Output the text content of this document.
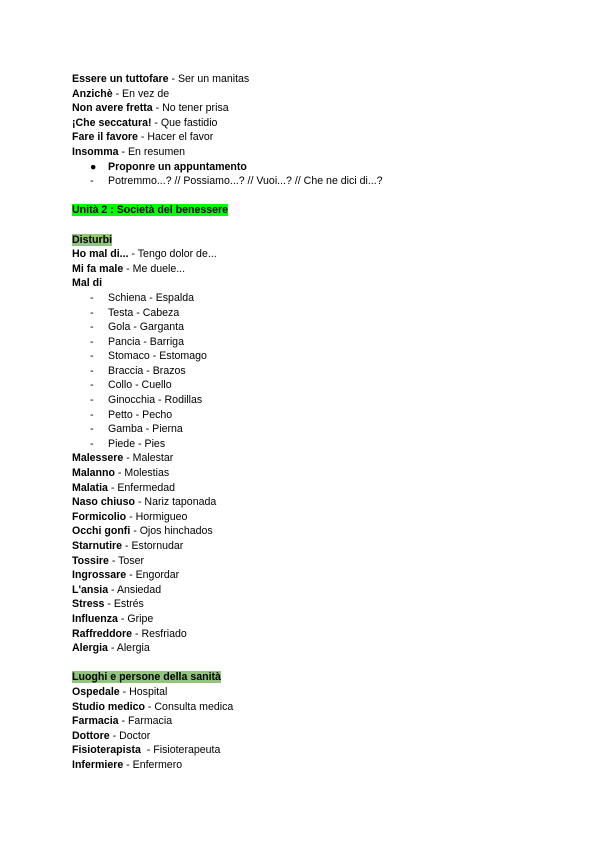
Essere un tuttofare - Ser un manitas
Anzichè - En vez de
Non avere fretta - No tener prisa
¡Che seccatura! - Que fastidio
Fare il favore - Hacer el favor
Insomma - En resumen
● Proponre un appuntamento
- Potremmo...? // Possiamo...? // Vuoi...? // Che ne dici di...?
Unità 2 : Società del benessere
Disturbi
Ho mal di... - Tengo dolor de...
Mi fa male - Me duele...
Mal di
- Schiena - Espalda
- Testa - Cabeza
- Gola - Garganta
- Pancia - Barriga
- Stomaco - Estomago
- Braccia - Brazos
- Collo - Cuello
- Ginocchia - Rodillas
- Petto - Pecho
- Gamba - Pierna
- Piede - Pies
Malessere - Malestar
Malanno - Molestias
Malatia - Enfermedad
Naso chiuso - Nariz taponada
Formicolio - Hormigueo
Occhi gonfi - Ojos hinchados
Starnutire - Estornudar
Tossire - Toser
Ingrossare - Engordar
L'ansia - Ansiedad
Stress - Estrés
Influenza - Gripe
Raffreddore - Resfriado
Alergia - Alergia
Luoghi e persone della sanità
Ospedale - Hospital
Studio medico - Consulta medica
Farmacia - Farmacia
Dottore - Doctor
Fisioterapista  - Fisioterapeuta
Infermiere - Enfermero
